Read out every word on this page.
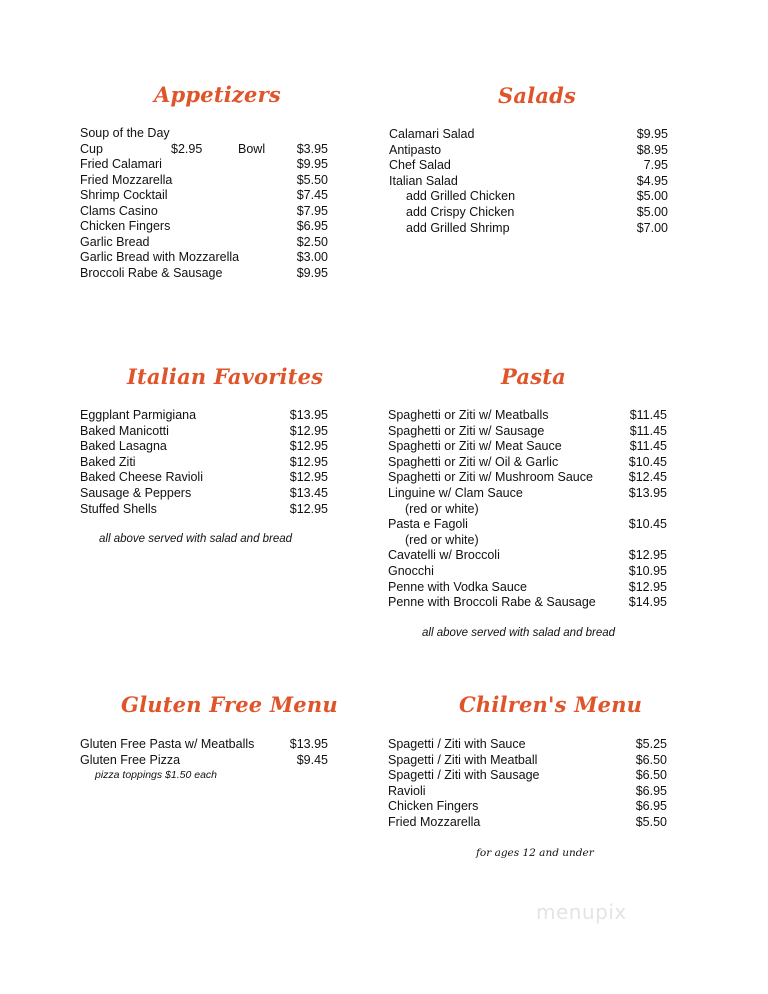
Appetizers
Soup of the Day
Cup	$2.95	Bowl	$3.95
Fried Calamari	$9.95
Fried Mozzarella	$5.50
Shrimp Cocktail	$7.45
Clams Casino	$7.95
Chicken Fingers	$6.95
Garlic Bread	$2.50
Garlic Bread with Mozzarella	$3.00
Broccoli Rabe & Sausage	$9.95
Salads
Calamari Salad	$9.95
Antipasto	$8.95
Chef Salad	7.95
Italian Salad	$4.95
add Grilled Chicken	$5.00
add Crispy Chicken	$5.00
add Grilled Shrimp	$7.00
Italian Favorites
Eggplant Parmigiana	$13.95
Baked Manicotti	$12.95
Baked Lasagna	$12.95
Baked Ziti	$12.95
Baked Cheese Ravioli	$12.95
Sausage & Peppers	$13.45
Stuffed Shells	$12.95
all above served with salad and bread
Pasta
Spaghetti or Ziti w/ Meatballs	$11.45
Spaghetti or Ziti w/ Sausage	$11.45
Spaghetti or Ziti w/ Meat Sauce	$11.45
Spaghetti or Ziti w/ Oil & Garlic	$10.45
Spaghetti or Ziti w/ Mushroom Sauce	$12.45
Linguine w/ Clam Sauce	$13.95
(red or white)
Pasta e Fagoli	$10.45
(red or white)
Cavatelli w/ Broccoli	$12.95
Gnocchi	$10.95
Penne with Vodka Sauce	$12.95
Penne with Broccoli Rabe & Sausage	$14.95
all above served with salad and bread
Gluten Free Menu
Gluten Free Pasta w/ Meatballs	$13.95
Gluten Free Pizza	$9.45
pizza toppings $1.50 each
Chilren's Menu
Spagetti / Ziti with Sauce	$5.25
Spagetti / Ziti with Meatball	$6.50
Spagetti / Ziti with Sausage	$6.50
Ravioli	$6.95
Chicken Fingers	$6.95
Fried Mozzarella	$5.50
for ages 12 and under
menupix
